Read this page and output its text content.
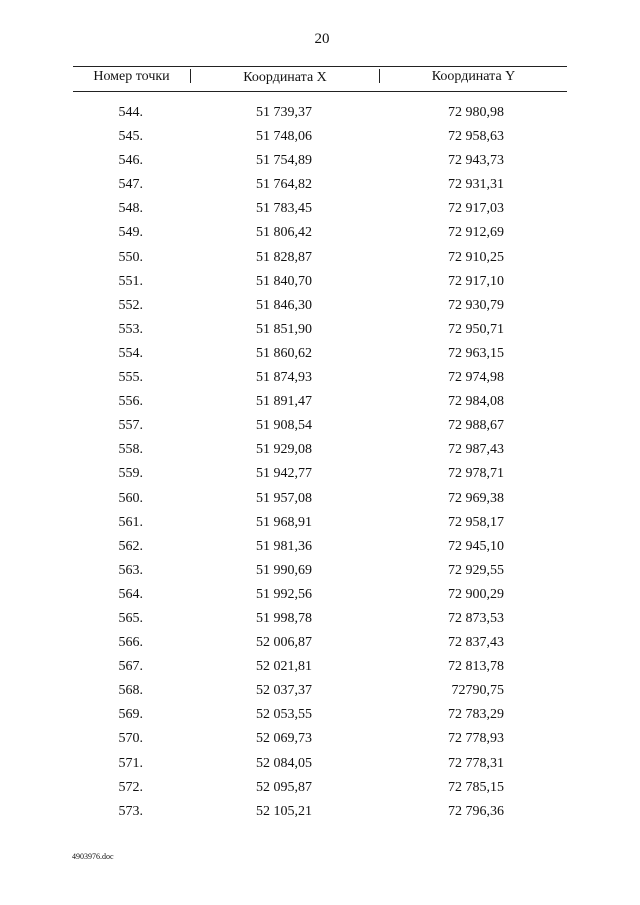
20
Номер точки	Координата X	Координата Y
544.	51 739,37	72 980,98
545.	51 748,06	72 958,63
546.	51 754,89	72 943,73
547.	51 764,82	72 931,31
548.	51 783,45	72 917,03
549.	51 806,42	72 912,69
550.	51 828,87	72 910,25
551.	51 840,70	72 917,10
552.	51 846,30	72 930,79
553.	51 851,90	72 950,71
554.	51 860,62	72 963,15
555.	51 874,93	72 974,98
556.	51 891,47	72 984,08
557.	51 908,54	72 988,67
558.	51 929,08	72 987,43
559.	51 942,77	72 978,71
560.	51 957,08	72 969,38
561.	51 968,91	72 958,17
562.	51 981,36	72 945,10
563.	51 990,69	72 929,55
564.	51 992,56	72 900,29
565.	51 998,78	72 873,53
566.	52 006,87	72 837,43
567.	52 021,81	72 813,78
568.	52 037,37	72790,75
569.	52 053,55	72 783,29
570.	52 069,73	72 778,93
571.	52 084,05	72 778,31
572.	52 095,87	72 785,15
573.	52 105,21	72 796,36
4903976.doc
